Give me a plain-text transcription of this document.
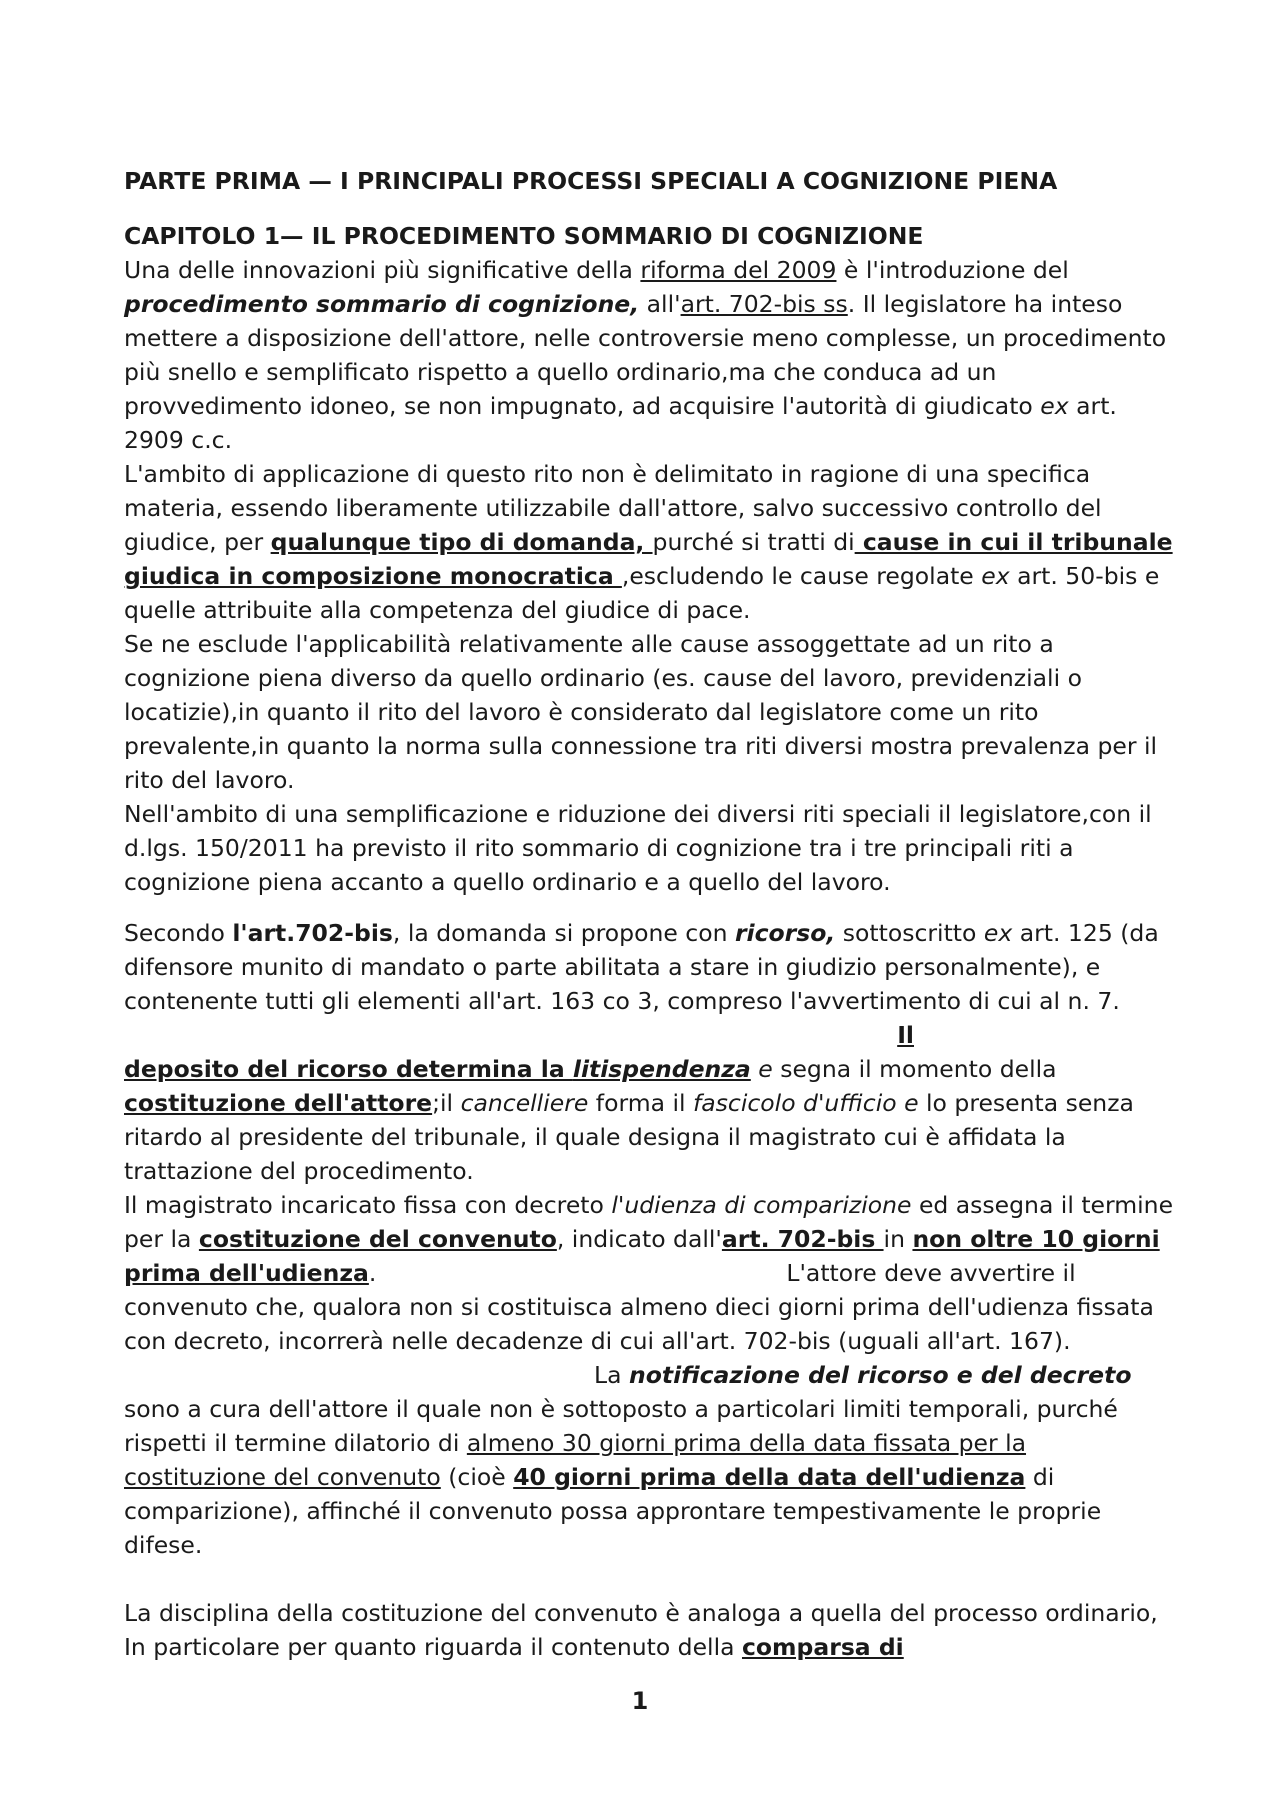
PARTE PRIMA — I PRINCIPALI PROCESSI SPECIALI A COGNIZIONE PIENA
CAPITOLO 1— IL PROCEDIMENTO SOMMARIO DI COGNIZIONE

Una delle innovazioni più significative della riforma del 2009 è l'introduzione del procedimento sommario di cognizione, all'art. 702-bis ss. Il legislatore ha inteso mettere a disposizione dell'attore, nelle controversie meno complesse, un procedimento più snello e semplificato rispetto a quello ordinario,ma che conduca ad un provvedimento idoneo, se non impugnato, ad acquisire l'autorità di giudicato ex art. 2909 c.c.

L'ambito di applicazione di questo rito non è delimitato in ragione di una specifica materia, essendo liberamente utilizzabile dall'attore, salvo successivo controllo del giudice, per qualunque tipo di domanda, purché si tratti di cause in cui il tribunale giudica in composizione monocratica ,escludendo le cause regolate ex art. 50-bis e quelle attribuite alla competenza del giudice di pace.

Se ne esclude l'applicabilità relativamente alle cause assoggettate ad un rito a cognizione piena diverso da quello ordinario (es. cause del lavoro, previdenziali o locatizie),in quanto il rito del lavoro è considerato dal legislatore come un rito prevalente,in quanto la norma sulla connessione tra riti diversi mostra prevalenza per il rito del lavoro.

Nell'ambito di una semplificazione e riduzione dei diversi riti speciali il legislatore,con il d.lgs. 150/2011 ha previsto il rito sommario di cognizione tra i tre principali riti a cognizione piena accanto a quello ordinario e a quello del lavoro.

Secondo l'art.702-bis, la domanda si propone con ricorso, sottoscritto ex art. 125 (da difensore munito di mandato o parte abilitata a stare in giudizio personalmente), e contenente tutti gli elementi all'art. 163 co 3, compreso l'avvertimento di cui al n. 7.
Il
deposito del ricorso determina la litispendenza e segna il momento della costituzione dell'attore;il cancelliere forma il fascicolo d'ufficio e lo presenta senza ritardo al presidente del tribunale, il quale designa il magistrato cui è affidata la trattazione del procedimento.

Il magistrato incaricato fissa con decreto l'udienza di comparizione ed assegna il termine per la costituzione del convenuto, indicato dall'art. 702-bis in non oltre 10 giorni prima dell'udienza.	L'attore deve avvertire il convenuto che, qualora non si costituisca almeno dieci giorni prima dell'udienza fissata con decreto, incorrerà nelle decadenze di cui all'art. 702-bis (uguali all'art. 167).La notificazione del ricorso e del decreto sono a cura dell'attore il quale non è sottoposto a particolari limiti temporali, purché rispetti il termine dilatorio di almeno 30 giorni prima della data fissata per la costituzione del convenuto (cioè 40 giorni prima della data dell'udienza di comparizione), affinché il convenuto possa approntare tempestivamente le proprie difese.

La disciplina della costituzione del convenuto è analoga a quella del processo ordinario, In particolare per quanto riguarda il contenuto della comparsa di

1
